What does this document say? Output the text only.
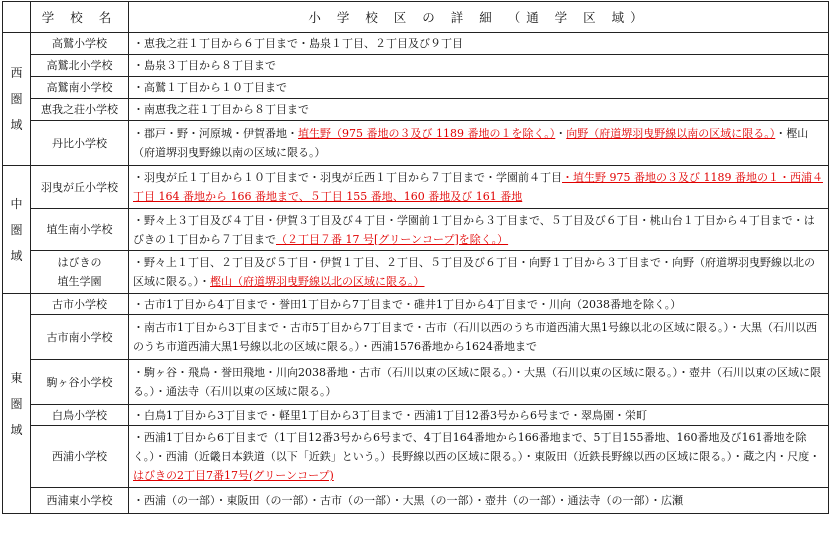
	学 校 名	小 学 校 区 の 詳 細 （通 学 区 域）

西
圏
域	高鷲小学校	・恵我之荘１丁目から６丁目まで・島泉１丁目、２丁目及び９丁目
	高鷲北小学校	・島泉３丁目から８丁目まで
	高鷲南小学校	・高鷲１丁目から１０丁目まで
	恵我之荘小学校	・南恵我之荘１丁目から８丁目まで
	丹比小学校	・郡戸・野・河原城・伊賀番地・埴生野（975 番地の３及び 1189 番地の１を除く。）・向野（府道堺羽曳野線以南の区域に限る。）・樫山（府道堺羽曳野線以南の区域に限る。）

中
圏
域	羽曳が丘小学校	・羽曳が丘１丁目から１０丁目まで・羽曳が丘西１丁目から７丁目まで・学園前４丁目・埴生野 975 番地の３及び 1189 番地の１・西浦４丁目 164 番地から 166 番地まで、５丁目 155 番地、160 番地及び 161 番地
	埴生南小学校	・野々上３丁目及び４丁目・伊賀３丁目及び４丁目・学園前１丁目から３丁目まで、５丁目及び６丁目・桃山台１丁目から４丁目まで・はびきの１丁目から７丁目まで（２丁目７番 17 号[グリーンコープ]を除く。）
	はびきの
埴生学園	・野々上１丁目、２丁目及び５丁目・伊賀１丁目、２丁目、５丁目及び６丁目・向野１丁目から３丁目まで・向野（府道堺羽曳野線以北の区域に限る。）・樫山（府道堺羽曳野線以北の区域に限る。）

東
圏
域	古市小学校	・古市1丁目から4丁目まで・誉田1丁目から7丁目まで・碓井1丁目から4丁目まで・川向（2038番地を除く。）
	古市南小学校	・南古市1丁目から3丁目まで・古市5丁目から7丁目まで・古市（石川以西のうち市道西浦大黒1号線以北の区域に限る。）・大黒（石川以西のうち市道西浦大黒1号線以北の区域に限る。）・西浦1576番地から1624番地まで
	駒ヶ谷小学校	・駒ヶ谷・飛鳥・誉田飛地・川向2038番地・古市（石川以東の区域に限る。）・大黒（石川以東の区域に限る。）・壺井（石川以東の区域に限る。）・通法寺（石川以東の区域に限る。）
	白鳥小学校	・白鳥1丁目から3丁目まで・軽里1丁目から3丁目まで・西浦1丁目12番3号から6号まで・翠鳥園・栄町
	西浦小学校	・西浦1丁目から6丁目まで（1丁目12番3号から6号まで、4丁目164番地から166番地まで、5丁目155番地、160番地及び161番地を除く。）・西浦（近畿日本鉄道（以下「近鉄」という。）長野線以西の区域に限る。）・東阪田（近鉄長野線以西の区域に限る。）・蔵之内・尺度・はびきの2丁目7番17号(グリーンコープ)
	西浦東小学校	・西浦（の一部）・東阪田（の一部）・古市（の一部）・大黒（の一部）・壺井（の一部）・通法寺（の一部）・広瀬
